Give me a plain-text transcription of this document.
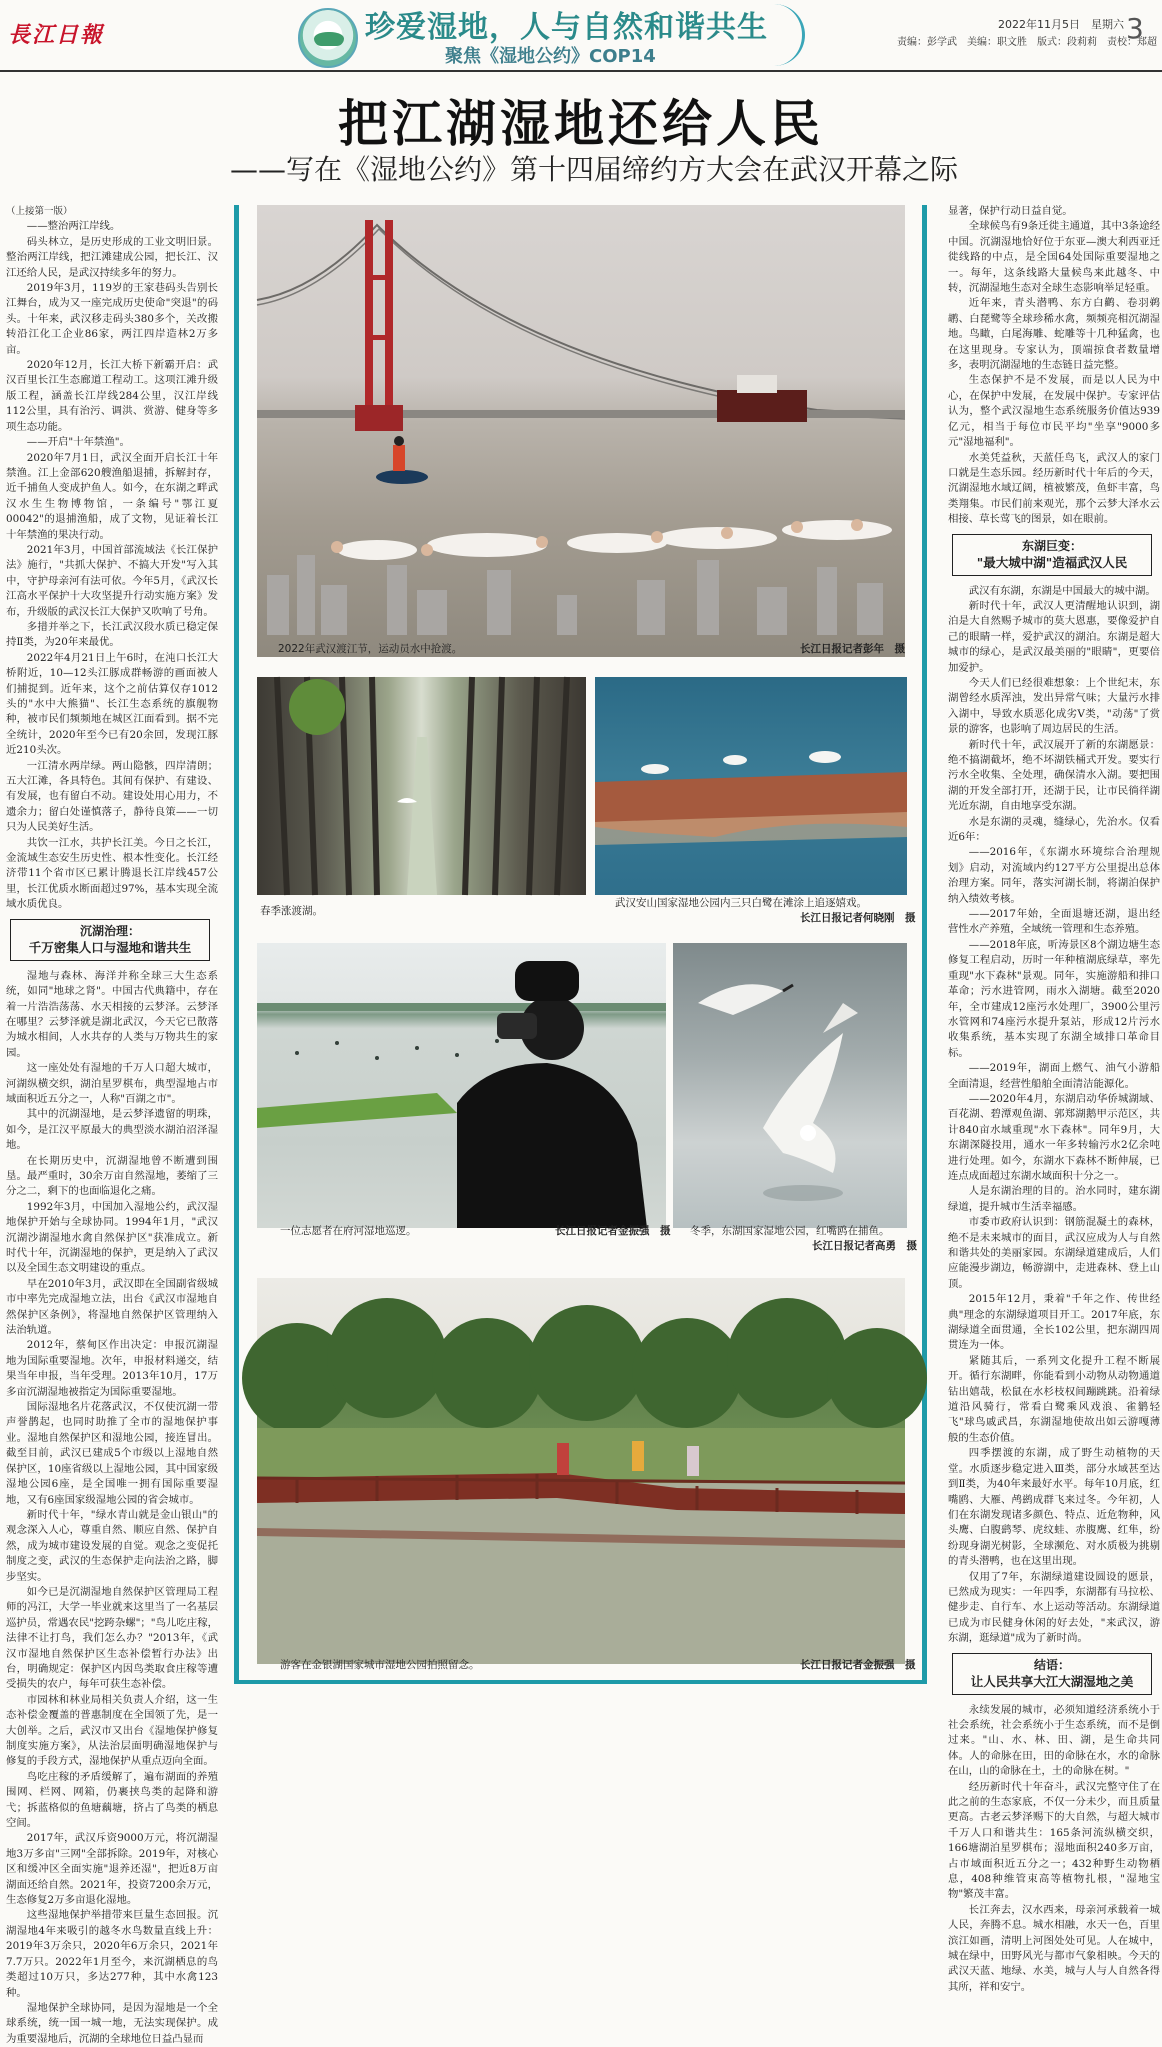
長江日報	珍爱湿地，人与自然和谐共生
聚焦《湿地公约》COP14
2022年11月5日　星期六
责编：彭学武　美编：职文胜　版式：段莉莉　责校：郑超
3
把江湖湿地还给人民
——写在《湿地公约》第十四届缔约方大会在武汉开幕之际
（上接第一版）

——整治两江岸线。

码头林立，是历史形成的工业文明旧景。整治两江岸线，把江滩建成公园，把长江、汉江还给人民，是武汉持续多年的努力。

2019年3月，119岁的王家巷码头告别长江舞台，成为又一座完成历史使命"突退"的码头。十年来，武汉移走码头380多个，关改搬转沿江化工企业86家，两江四岸造林2万多亩。

2020年12月，长江大桥下新霸开启：武汉百里长江生态廊道工程动工。这项江滩升级版工程，涵盖长江岸线284公里，汉江岸线112公里，具有治污、调洪、赏游、健身等多项生态功能。

——开启"十年禁渔"。

2020年7月1日，武汉全面开启长江十年禁渔。江上金部620艘渔船退捕，拆解封存，近千捕鱼人变成护鱼人。如今，在东湖之畔武汉水生生物博物馆，一条编号"鄂江夏00042"的退捕渔船，成了文物，见证着长江十年禁渔的果决行动。

2021年3月，中国首部流域法《长江保护法》施行，"共抓大保护、不搞大开发"写入其中，守护母亲河有法可依。今年5月，《武汉长江高水平保护十大攻坚提升行动实施方案》发布，升级版的武汉长江大保护又吹响了号角。

多措并举之下，长江武汉段水质已稳定保持Ⅱ类，为20年来最优。

2022年4月21日上午6时，在沌口长江大桥附近，10—12头江豚成群畅游的画面被人们捕捉到。近年来，这个之前估算仅存1012头的"水中大熊猫"、长江生态系统的旗舰物种，被市民们频频地在城区江面看到。据不完全统计，2020年至今已有20余回，发现江豚近210头次。

一江清水两岸绿。两山隐骸，四岸清朗；五大江滩，各具特色。其间有保护、有建设、有发展，也有留白不动。建设处用心用力，不遗余力；留白处谨慎落子，静待良策——一切只为人民美好生活。

共饮一江水，共护长江美。今日之长江，金流域生态安生历史性、根本性变化。长江经济带11个省市区已累计腾退长江岸线457公里，长江优质水断面超过97%，基本实现全流域水质优良。

沉湖治理：
千万密集人口与湿地和谐共生

湿地与森林、海洋并称全球三大生态系统，如同"地球之肾"。中国古代典籍中，存在着一片浩浩荡荡、水天相接的云梦泽。云梦泽在哪里？云梦泽就是湖北武汉，今天它已散落为城水相间，人水共存的人类与万物共生的家园。

这一座处处有湿地的千万人口超大城市，河湖纵横交织，湖泊星罗棋布，典型湿地占市域面积近五分之一，人称"百湖之市"。

其中的沉湖湿地，是云梦泽遗留的明珠，如今，是江汉平原最大的典型淡水湖泊沼泽湿地。

在长期历史中，沉湖湿地曾不断遭到围垦。最严重时，30余万亩自然湿地，萎缩了三分之二，剩下的也面临退化之痛。

1992年3月，中国加入湿地公约，武汉湿地保护开始与全球协同。1994年1月，"武汉沉湖沙湖湿地水禽自然保护区"获准成立。新时代十年，沉湖湿地的保护，更是纳入了武汉以及全国生态文明建设的重点。

早在2010年3月，武汉即在全国副省级城市中率先完成湿地立法，出台《武汉市湿地自然保护区条例》，将湿地自然保护区管理纳入法治轨道。

2012年，蔡甸区作出决定：申报沉湖湿地为国际重要湿地。次年，申报材料递交，结果当年申报，当年受理。2013年10月，17万多亩沉湖湿地被指定为国际重要湿地。

国际湿地名片花落武汉，不仅使沉湖一带声誉鹊起，也同时助推了全市的湿地保护事业。湿地自然保护区和湿地公园，接连冒出。截至目前，武汉已建成5个市级以上湿地自然保护区，10座省级以上湿地公园，其中国家级湿地公园6座，是全国唯一拥有国际重要湿地，又有6座国家级湿地公园的省会城市。

新时代十年，"绿水青山就是金山银山"的观念深入人心，尊重自然、顺应自然、保护自然，成为城市建设发展的自觉。观念之变促托制度之变，武汉的生态保护走向法治之路，脚步坚实。

如今已是沉湖湿地自然保护区管理局工程师的冯江，大学一毕业就来这里当了一名基层巡护员，常遇农民"挖跨杂螺"；"鸟儿吃庄稼，法律不让打鸟，我们怎么办？"2013年，《武汉市湿地自然保护区生态补偿暂行办法》出台，明确规定：保护区内因鸟类取食庄稼等遭受损失的农户，每年可获生态补偿。

市园林和林业局相关负责人介绍，这一生态补偿金覆盖的普惠制度在全国领了先，是一大创举。之后，武汉市又出台《湿地保护修复制度实施方案》，从法治层面明确湿地保护与修复的手段方式，湿地保护从重点迈向全面。

鸟吃庄稼的矛盾缓解了，遍布湖面的养殖围网、栏网、网箱，仍裹挟鸟类的起降和游弋；拆蓝格似的鱼塘藕塘，挤占了鸟类的栖息空间。

2017年，武汉斥资9000万元，将沉湖湿地3万多亩"三网"全部拆除。2019年，对核心区和缓冲区全面实施"退养还湿"，把近8万亩湖面还给自然。2021年，投资7200余万元，生态修复2万多亩退化湿地。

这些湿地保护举措带来巨量生态回报。沉湖湿地4年来吸引的越冬水鸟数量直线上升：2019年3万余只，2020年6万余只，2021年7.7万只。2022年1月至今，来沉湖栖息的鸟类超过10万只，多达277种，其中水禽123种。

湿地保护全球协同，是因为湿地是一个全球系统，统一国一城一地，无法实现保护。成为重要湿地后，沉湖的全球地位日益凸显而

显著，保护行动日益自觉。

全球候鸟有9条迁徙主通道，其中3条途经中国。沉湖湿地恰好位于东亚—澳大利西亚迁徙线路的中点，是全国64处国际重要湿地之一。每年，这条线路大量候鸟来此越冬、中转，沉湖湿地生态对全球生态影响举足轻重。

近年来，青头潜鸭、东方白鹳、卷羽鹈鹕、白琵鹭等全球珍稀水禽，频频亮相沉湖湿地。鸟瞰，白尾海雕、蛇雕等十几种猛禽，也在这里现身。专家认为，顶端掠食者数量增多，表明沉湖湿地的生态链日益完整。

生态保护不是不发展，而是以人民为中心，在保护中发展，在发展中保护。专家评估认为，整个武汉湿地生态系统服务价值达939亿元，相当于每位市民平均"坐享"9000多元"湿地福利"。

水美凭益秋，天蓝任鸟飞，武汉人的家门口就是生态乐园。经历新时代十年后的今天，沉湖湿地水域辽阔，植被繁茂，鱼虾丰富，鸟类翔集。市民们前来观光，那个云梦大泽水云相接、草长莺飞的图景，如在眼前。

东湖巨变：
"最大城中湖"造福武汉人民

武汉有东湖，东湖是中国最大的城中湖。

新时代十年，武汉人更清醒地认识到，湖泊是大自然赐予城市的莫大恩惠，要像爱护自己的眼睛一样，爱护武汉的湖泊。东湖是超大城市的绿心，是武汉最美丽的"眼睛"，更要倍加爱护。

今天人们已经很难想象：上个世纪末，东湖曾经水质浑浊，发出异常气味；大量污水排入湖中，导致水质恶化成劣Ⅴ类，"动荡"了赏景的游客，也影响了周边居民的生活。

新时代十年，武汉展开了新的东湖愿景：绝不搞湖截坏，绝不坏湖铁桶式开发。要实行污水全收集、全处理，确保清水入湖。要把围湖的开发全部打开，还湖于民，让市民徜徉湖光近东湖，自由地享受东湖。

水是东湖的灵魂，缝绿心，先治水。仅看近6年：

——2016年，《东湖水环境综合治理规划》启动，对流域内约127平方公里提出总体治理方案。同年，落实河湖长制，将湖泊保护纳入绩效考核。

——2017年始，全面退塘还湖，退出经营性水产养殖，全域统一管理和生态养殖。

——2018年底，听涛景区8个湖边塘生态修复工程启动，历时一年种植湖底绿草，率先重现"水下森林"景观。同年，实施游船和排口革命；污水进管网，雨水入湖塘。截至2020年，全市建成12座污水处理厂，3900公里污水管网和74座污水提升泵站，形成12片污水收集系统，基本实现了东湖全域排口革命目标。

——2019年，湖面上燃气、油气小游船全面清退，经营性船舶全面清洁能源化。

——2020年4月，东湖启动华侨城湖域、百花湖、碧潭观鱼湖、郭郑湖鹅甲示范区，共计840亩水域重现"水下森林"。同年9月，大东湖深隧投用，通水一年多转输污水2亿余吨进行处理。如今，东湖水下森林不断伸展，已连点成面超过东湖水域面积十分之一。

人是东湖治理的目的。治水同时，建东湖绿道，提升城市生活幸福感。

市委市政府认识到：钢筋混凝土的森林，绝不是未来城市的面目，武汉应成为人与自然和谐共处的美丽家园。东湖绿道建成后，人们应能漫步湖边，畅游湖中，走进森林、登上山顶。

2015年12月，秉着"千年之作、传世经典"理念的东湖绿道项目开工。2017年底，东湖绿道全面贯通，全长102公里，把东湖四周贯连为一体。

紧随其后，一系列文化提升工程不断展开。循行东湖畔，你能看到小动物从动物通道钻出嬉哉，松鼠在水杉枝权间蹦跳跳。沿着绿道沿风骑行，常看白鹭乘风戏浪、雀鹟轻飞"球鸟戚武昌，东湖湿地使故出如云游嘎薄般的生态价值。

四季摆渡的东湖，成了野生动植物的天堂。水质逐步稳定进入Ⅲ类，部分水域甚至达到Ⅱ类，为40年来最好水平。每年10月底，红嘴鸥、大雁、鸬鹚成群飞来过冬。今年初，人们在东湖发现诸多颜色、特点、近危物种，风头鹰、白腹鹞琴、虎纹蛙、赤腹鹰、红隼，纷纷现身湖光树影，全球濒危、对水质极为挑剔的青头潜鸭，也在这里出现。

仅用了7年，东湖绿道建设圆设的愿景，已然成为现实：一年四季，东湖都有马拉松、健步走、自行车、水上运动等活动。东湖绿道已成为市民健身休闲的好去处，"来武汉，游东湖，逛绿道"成为了新时尚。

结语：
让人民共享大江大湖湿地之美

永续发展的城市，必须知道经济系统小于社会系统，社会系统小于生态系统，而不是倒过来。"山、水、林、田、湖，是生命共同体。人的命脉在田，田的命脉在水，水的命脉在山，山的命脉在土，土的命脉在树。"

经历新时代十年奋斗，武汉完整守住了在此之前的生态家底，不仅一分未少，而且质量更高。古老云梦泽赐下的大自然，与超大城市千万人口和谐共生：165条河流纵横交织，166塘湖泊星罗棋布；湿地面积240多万亩，占市域面积近五分之一；432种野生动物栖息，408种维管束高等植物扎根，"湿地宝物"繁茂丰富。

长江奔去，汉水西来，母亲河承载着一城人民，奔腾不息。城水相融，水天一色，百里滨江如画，清明上河图处处可见。人在城中，城在绿中，田野风光与都市气象相映。今天的武汉天蓝、地绿、水美，城与人与人自然各得其所，祥和安宁。

2022年武汉渡江节，运动员水中抢渡。	长江日报记者彭年　摄
春季涨渡湖。
武汉安山国家湿地公园内三只白鹭在滩涂上追逐嬉戏。
长江日报记者何晓刚　摄
一位志愿者在府河湿地巡逻。	长江日报记者金振强　摄 冬季，东湖国家湿地公园，红嘴鸥在捕鱼。
长江日报记者高勇　摄
游客在金银湖国家城市湿地公园拍照留念。	长江日报记者金振强　摄
